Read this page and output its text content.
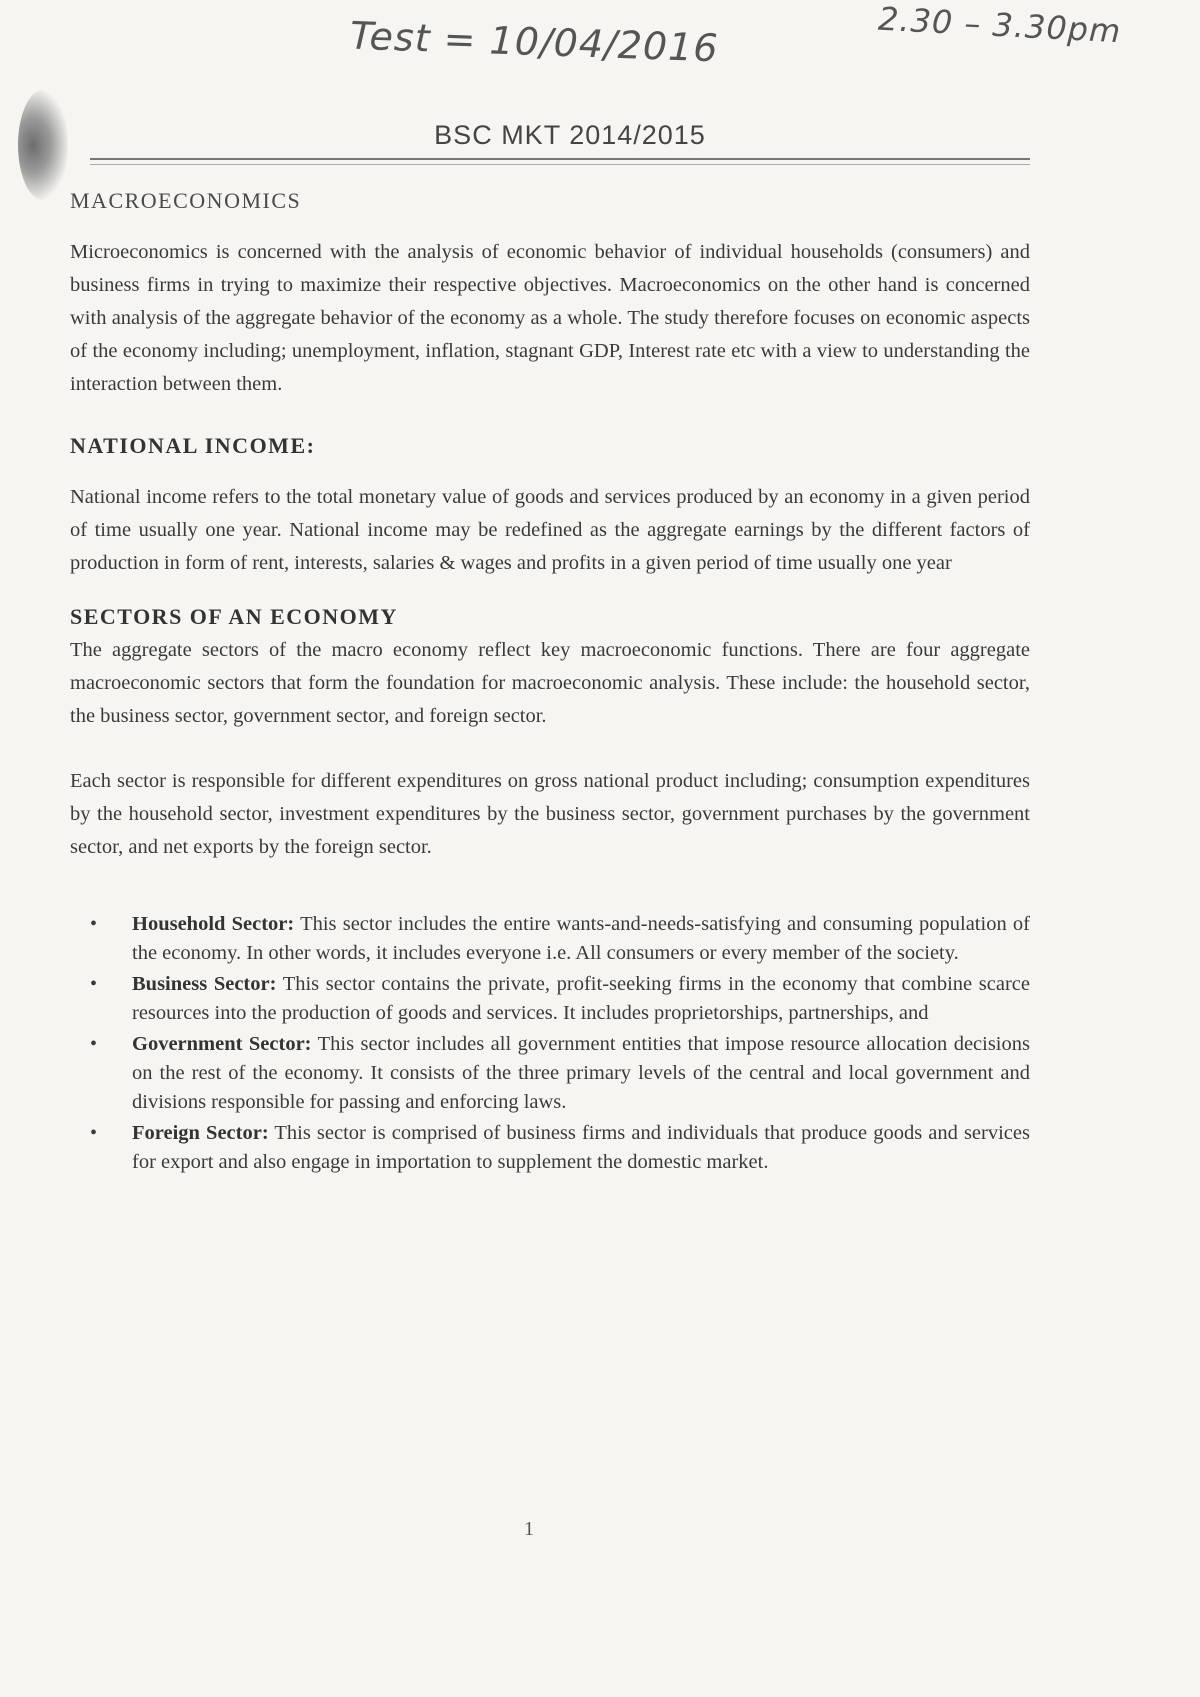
Test = 10/04/2016	2.30 – 3.30pm
BSC MKT 2014/2015
MACROECONOMICS

Microeconomics is concerned with the analysis of economic behavior of individual households (consumers) and business firms in trying to maximize their respective objectives. Macroeconomics on the other hand is concerned with analysis of the aggregate behavior of the economy as a whole. The study therefore focuses on economic aspects of the economy including; unemployment, inflation, stagnant GDP, Interest rate etc with a view to understanding the interaction between them.

NATIONAL INCOME:

National income refers to the total monetary value of goods and services produced by an economy in a given period of time usually one year. National income may be redefined as the aggregate earnings by the different factors of production in form of rent, interests, salaries & wages and profits in a given period of time usually one year

SECTORS OF AN ECONOMY

The aggregate sectors of the macro economy reflect key macroeconomic functions. There are four aggregate macroeconomic sectors that form the foundation for macroeconomic analysis. These include: the household sector, the business sector, government sector, and foreign sector.

Each sector is responsible for different expenditures on gross national product including; consumption expenditures by the household sector, investment expenditures by the business sector, government purchases by the government sector, and net exports by the foreign sector.

• Household Sector: This sector includes the entire wants-and-needs-satisfying and consuming population of the economy. In other words, it includes everyone i.e. All consumers or every member of the society.
• Business Sector: This sector contains the private, profit-seeking firms in the economy that combine scarce resources into the production of goods and services. It includes proprietorships, partnerships, and
• Government Sector: This sector includes all government entities that impose resource allocation decisions on the rest of the economy. It consists of the three primary levels of the central and local government and divisions responsible for passing and enforcing laws.
• Foreign Sector: This sector is comprised of business firms and individuals that produce goods and services for export and also engage in importation to supplement the domestic market.
1
